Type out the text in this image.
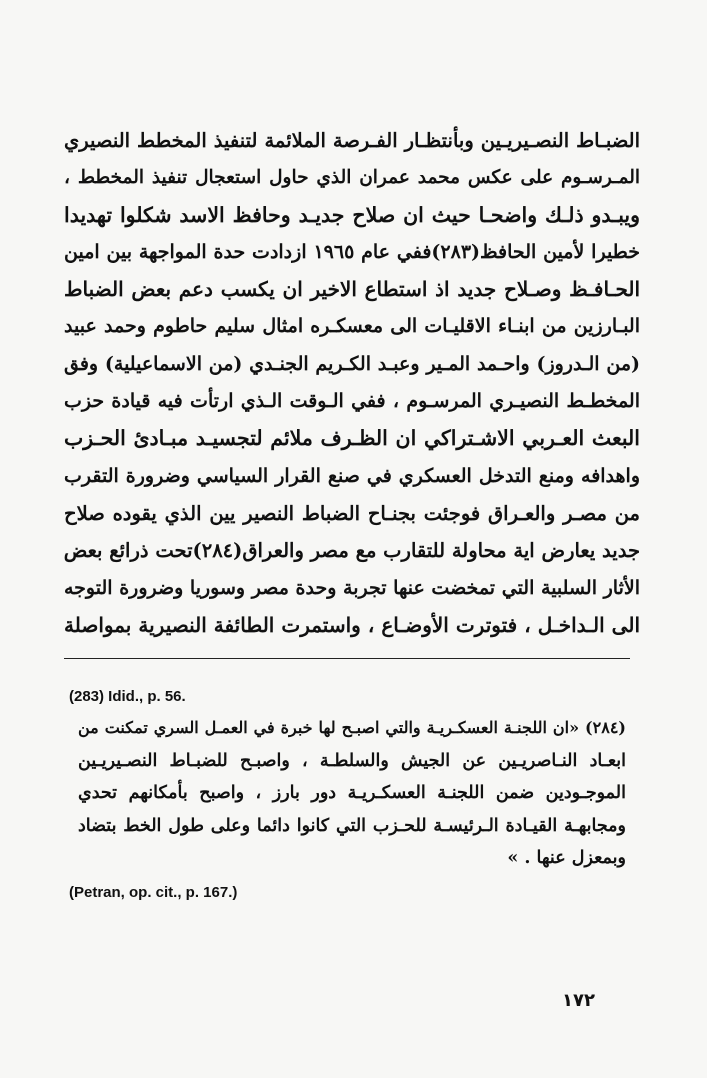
الضبـاط النصـيريـين وبأنتظـار الفـرصة الملائمة لتنفيذ المخطط النصيري
المـرسـوم على عكس محمد عمران الذي حاول استعجال تنفيذ المخطط ،
ويبـدو ذلـك واضحـا حيث ان صلاح جديـد وحافظ الاسد شكلوا تهديدا
خطيرا لأمين الحافظ(٢٨٣)ففي عام ١٩٦٥ ازدادت حدة المواجهة بين امين
الحـافـظ وصـلاح جديد اذ استطاع الاخير ان يكسب دعم بعض الضباط
البـارزين من ابنـاء الاقليـات الى معسكـره امثال سليم حاطوم وحمد عبيد
(من الـدروز) واحـمد المـير وعبـد الكـريم الجنـدي (من الاسماعيلية) وفق
المخطـط النصيـري المرسـوم ، ففي الـوقت الـذي ارتأت فيه قيادة حزب
البعث العـربي الاشـتراكي ان الظـرف ملائم لتجسيـد مبـادئ الحـزب
واهدافه ومنع التدخل العسكري في صنع القرار السياسي وضرورة التقرب
من مصـر والعـراق فوجئت بجنـاح الضباط النصير يين الذي يقوده صلاح
جديد يعارض اية محاولة للتقارب مع مصر والعراق(٢٨٤)تحت ذرائع بعض
الأثار السلبية التي تمخضت عنها تجربة وحدة مصر وسوريا وضرورة التوجه
الى الـداخـل ، فتوترت الأوضـاع ، واستمرت الطائفة النصيرية بمواصلة
(283) Idid., p. 56.
(٢٨٤) «ان اللجنـة العسكـريـة والتي اصبـح لها خبرة في العمـل السري تمكنت من
ابعـاد النـاصريـين عن الجيش والسلطـة ، واصبـح للضبـاط النصـيريـين
الموجـودين ضمن اللجنـة العسكـريـة دور بارز ، واصبح بأمكانهم تحدي
ومجابهـة القيـادة الـرئيسـة للحـزب التي كانوا دائما وعلى طول الخط بتضاد
وبمعزل عنها . »
(Petran, op. cit., p. 167.)
١٧٢
